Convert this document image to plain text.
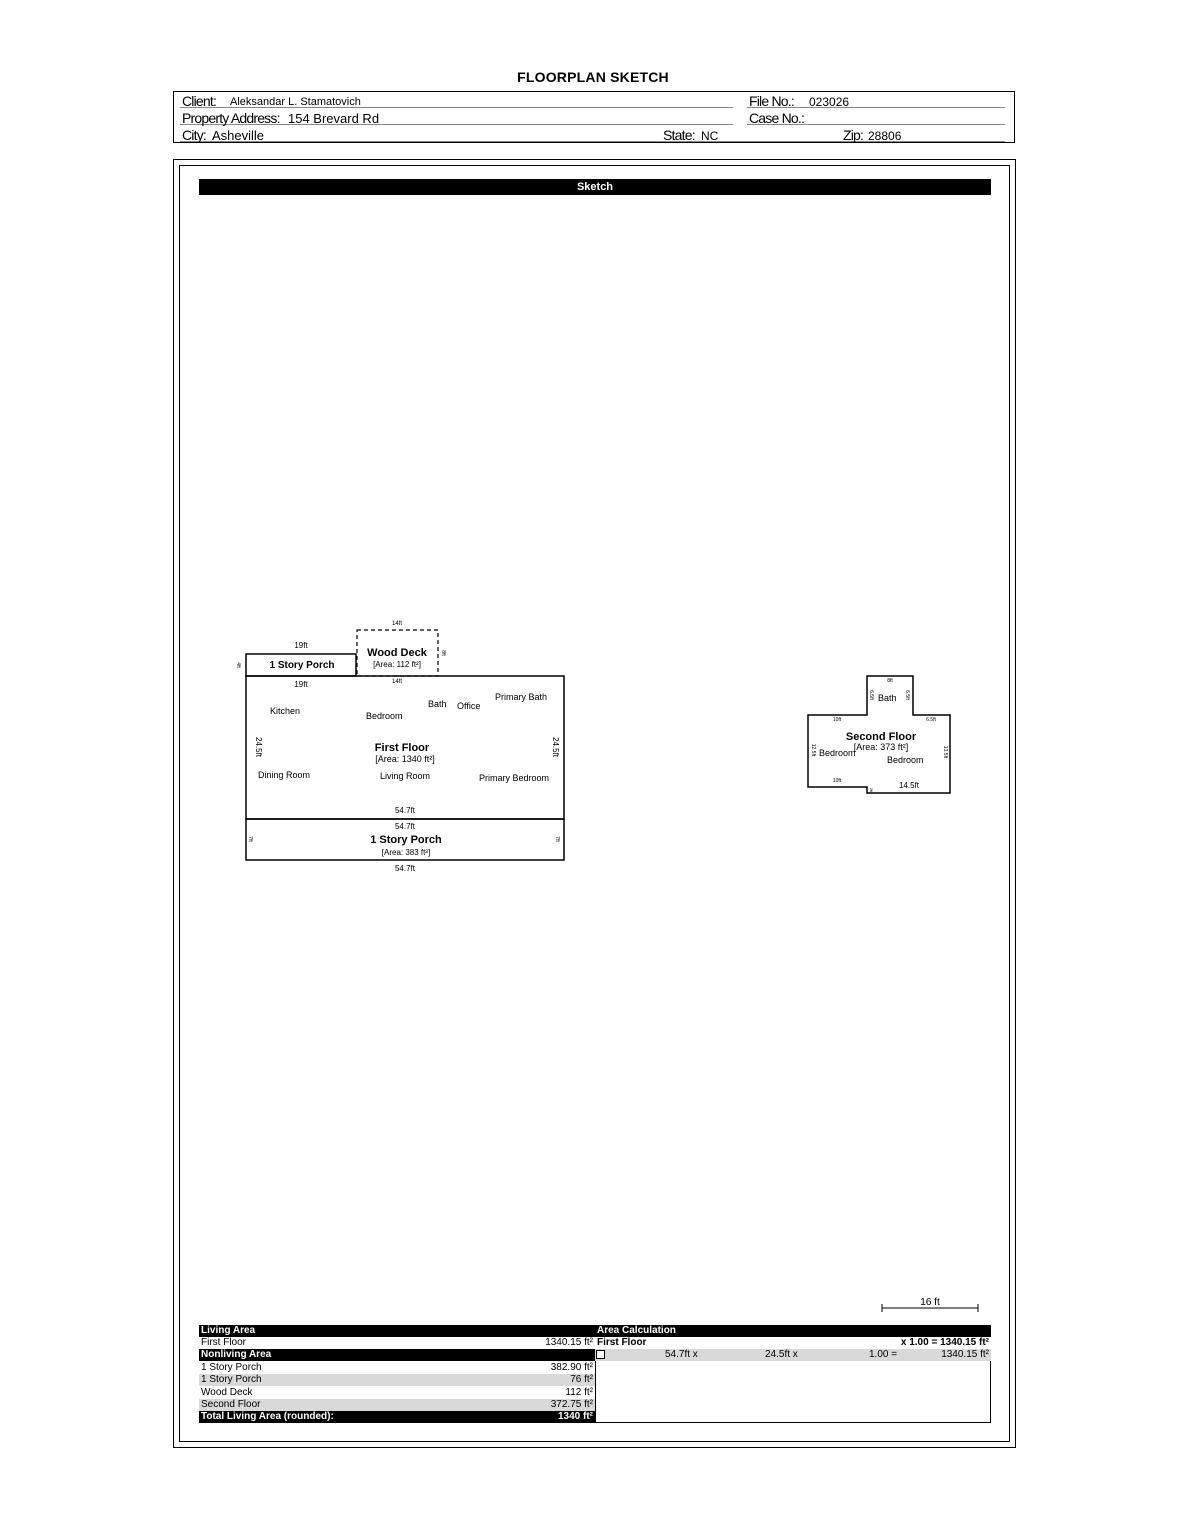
FLOORPLAN SKETCH
Client: Aleksandar L. Stamatovich	File No.: 023026
Property Address: 154 Brevard Rd	Case No.:
City: Asheville	State: NC	Zip: 28806
Sketch
First Floor
[Area: 1340 ft²]
Kitchen	Bedroom
Bath Office
Primary Bath
Dining Room	Living Room	Primary Bedroom
19ft	14ft
54.7ft
24.5ft	24.5ft
1 Story Porch
19ft
4ft
Wood Deck
[Area: 112 ft²]
14ft
8ft
1 Story Porch
[Area: 383 ft²]
54.7ft
54.7ft
7ft	7ft
Second Floor
[Area: 373 ft²]
Bath
Bedroom
Bedroom
8ft
6.5ft	6.5ft
10ft	6.5ft
12.5ft	13.5ft
10ft	14.5ft
2ft
16 ft
Living Area
First Floor	1340.15 ft²
Nonliving Area
1 Story Porch	382.90 ft²
1 Story Porch	76 ft²
Wood Deck	112 ft²
Second Floor	372.75 ft²
Total Living Area (rounded):	1340 ft²
Area Calculation
First Floor	x 1.00 = 1340.15 ft²
54.7ft x	24.5ft x	1.00 =	1340.15 ft²
